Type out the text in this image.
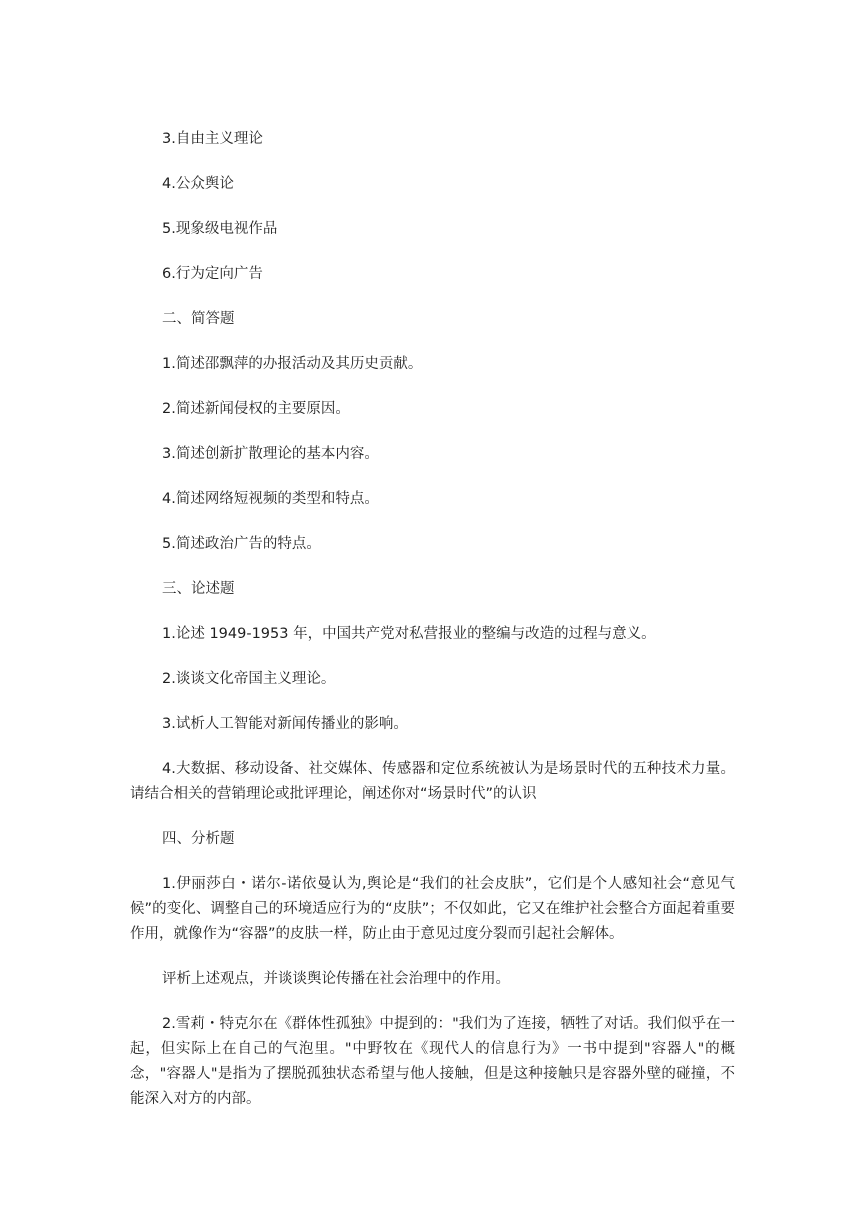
3.自由主义理论

4.公众舆论

5.现象级电视作品

6.行为定向广告

二、简答题

1.简述邵飘萍的办报活动及其历史贡献。

2.简述新闻侵权的主要原因。

3.简述创新扩散理论的基本内容。

4.简述网络短视频的类型和特点。

5.简述政治广告的特点。

三、论述题

1.论述 1949-1953 年，中国共产党对私营报业的整编与改造的过程与意义。

2.谈谈文化帝国主义理论。

3.试析人工智能对新闻传播业的影响。

4.大数据、移动设备、社交媒体、传感器和定位系统被认为是场景时代的五种技术力量。请结合相关的营销理论或批评理论，阐述你对“场景时代”的认识

四、分析题

1.伊丽莎白・诺尔-诺依曼认为,舆论是“我们的社会皮肤”，它们是个人感知社会“意见气候”的变化、调整自己的环境适应行为的“皮肤”；不仅如此，它又在维护社会整合方面起着重要作用，就像作为“容器”的皮肤一样，防止由于意见过度分裂而引起社会解体。

评析上述观点，并谈谈舆论传播在社会治理中的作用。

2.雪莉・特克尔在《群体性孤独》中提到的："我们为了连接，牺牲了对话。我们似乎在一起，但实际上在自己的气泡里。"中野牧在《现代人的信息行为》一书中提到"容器人"的概念，"容器人"是指为了摆脱孤独状态希望与他人接触，但是这种接触只是容器外壁的碰撞，不能深入对方的内部。
